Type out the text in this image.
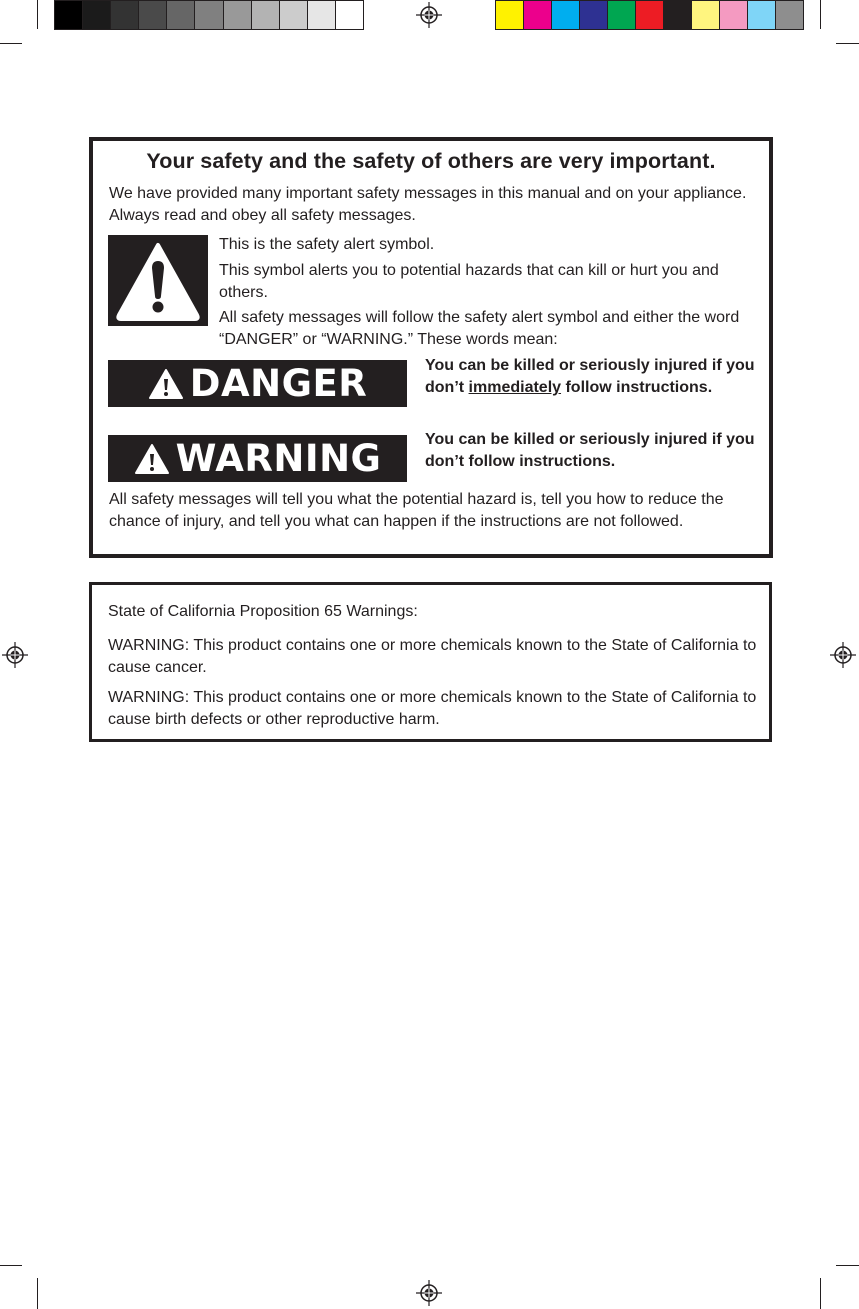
Your safety and the safety of others are very important.
We have provided many important safety messages in this manual and on your appliance. Always read and obey all safety messages.
This is the safety alert symbol.
This symbol alerts you to potential hazards that can kill or hurt you and others.
All safety messages will follow the safety alert symbol and either the word “DANGER” or “WARNING.” These words mean:
DANGER	You can be killed or seriously injured if you don’t immediately follow instructions.
WARNING	You can be killed or seriously injured if you don’t follow instructions.
All safety messages will tell you what the potential hazard is, tell you how to reduce the chance of injury, and tell you what can happen if the instructions are not followed.
State of California Proposition 65 Warnings:
WARNING: This product contains one or more chemicals known to the State of California to cause cancer.
WARNING: This product contains one or more chemicals known to the State of California to cause birth defects or other reproductive harm.
